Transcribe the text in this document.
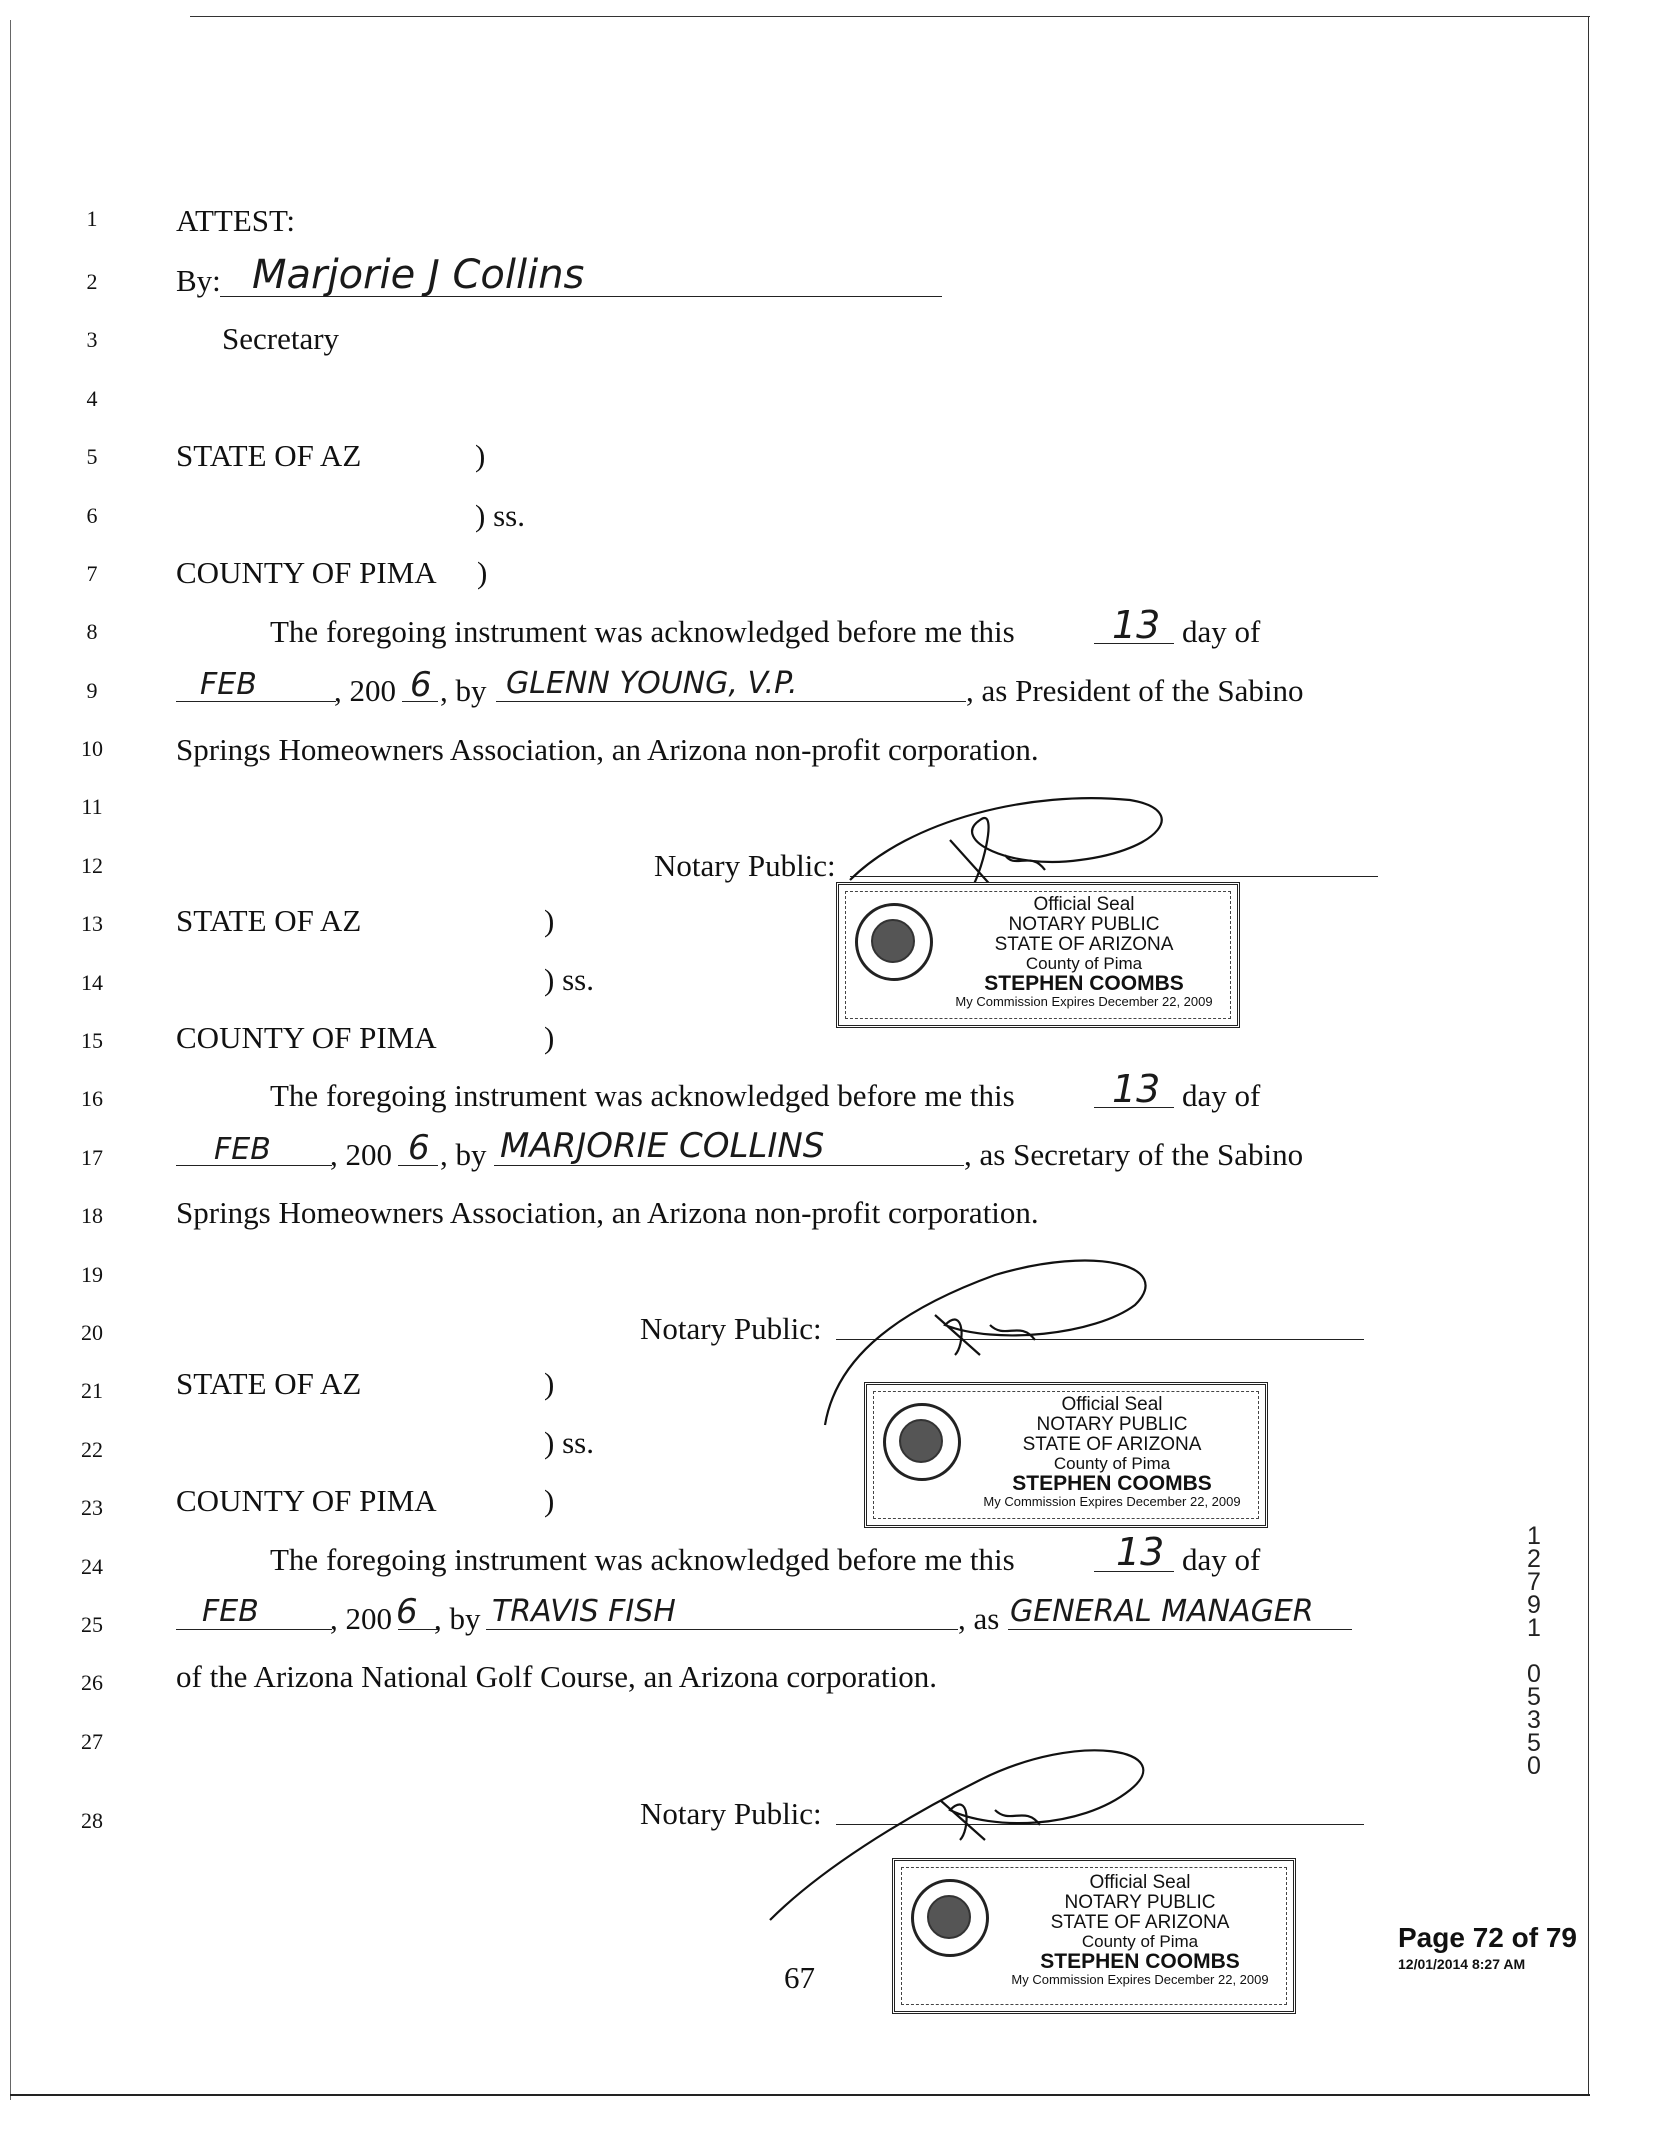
1
2
3
4
5
6
7
8
9
10
11
12
13
14
15
16
17
18
19
20
21
22
23
24
25
26
27
28
ATTEST:
By: Marjorie J Collins
Secretary
STATE OF AZ	)
) ss.
COUNTY OF PIMA )
The foregoing instrument was acknowledged before me this	13 day of
FEB , 200 6 , by GLENN YOUNG, V.P.	, as President of the Sabino
Springs Homeowners Association, an Arizona non-profit corporation.
Notary Public:
STATE OF AZ	)
) ss.
COUNTY OF PIMA	)
The foregoing instrument was acknowledged before me this	13 day of
FEB , 200 6 , by MARJORIE COLLINS	, as Secretary of the Sabino
Springs Homeowners Association, an Arizona non-profit corporation.
Notary Public:
STATE OF AZ	)
) ss.
COUNTY OF PIMA	)
The foregoing instrument was acknowledged before me this	13 day of
FEB , 200 6 , by TRAVIS FISH	, as GENERAL MANAGER
of the Arizona National Golf Course, an Arizona corporation.
Notary Public:
Official Seal
NOTARY PUBLIC
STATE OF ARIZONA
County of Pima
STEPHEN COOMBS
My Commission Expires December 22, 2009
Official Seal
NOTARY PUBLIC
STATE OF ARIZONA
County of Pima
STEPHEN COOMBS
My Commission Expires December 22, 2009
Official Seal
NOTARY PUBLIC
STATE OF ARIZONA
County of Pima
STEPHEN COOMBS
My Commission Expires December 22, 2009
67
1
2
7
9
1
0
5
3
5
0
Page 72 of 79
12/01/2014 8:27 AM
